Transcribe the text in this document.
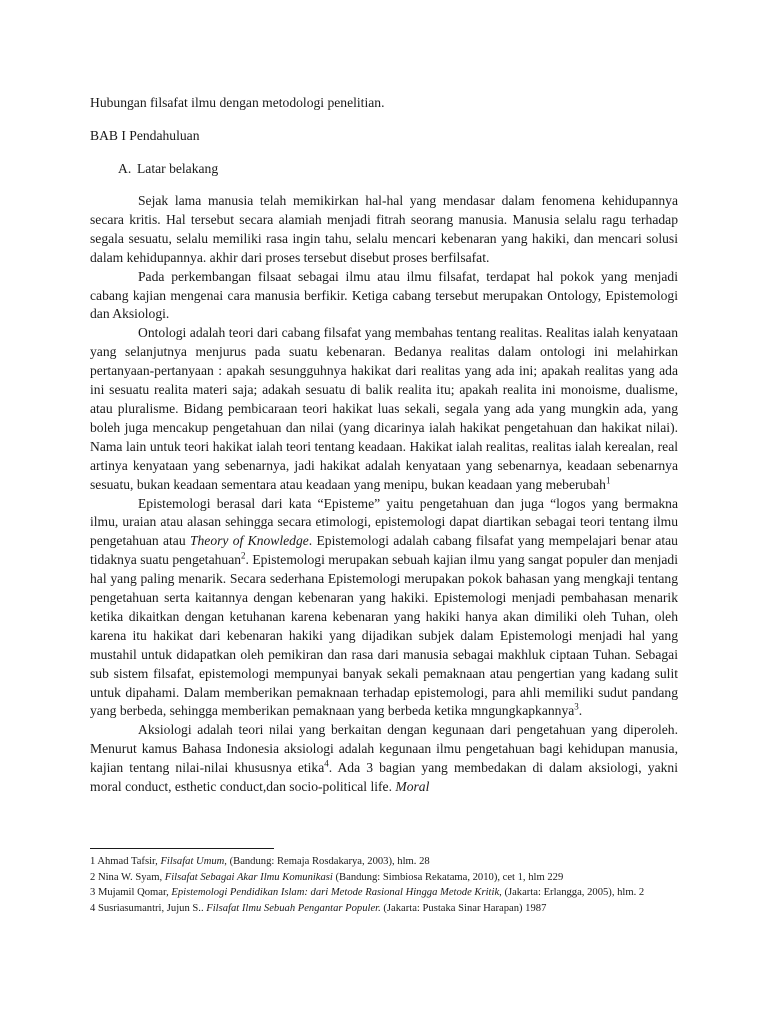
Hubungan filsafat ilmu dengan metodologi penelitian.
BAB I Pendahuluan
A. Latar belakang

Sejak lama manusia telah memikirkan hal-hal yang mendasar dalam fenomena kehidupannya secara kritis. Hal tersebut secara alamiah menjadi fitrah seorang manusia. Manusia selalu ragu terhadap segala sesuatu, selalu memiliki rasa ingin tahu, selalu mencari kebenaran yang hakiki, dan mencari solusi dalam kehidupannya. akhir dari proses tersebut disebut proses berfilsafat.

Pada perkembangan filsaat sebagai ilmu atau ilmu filsafat, terdapat hal pokok yang menjadi cabang kajian mengenai cara manusia berfikir. Ketiga cabang tersebut merupakan Ontology, Epistemologi dan Aksiologi.

Ontologi adalah teori dari cabang filsafat yang membahas tentang realitas. Realitas ialah kenyataan yang selanjutnya menjurus pada suatu kebenaran. Bedanya realitas dalam ontologi ini melahirkan pertanyaan-pertanyaan : apakah sesungguhnya hakikat dari realitas yang ada ini; apakah realitas yang ada ini sesuatu realita materi saja; adakah sesuatu di balik realita itu; apakah realita ini monoisme, dualisme, atau pluralisme. Bidang pembicaraan teori hakikat luas sekali, segala yang ada yang mungkin ada, yang boleh juga mencakup pengetahuan dan nilai (yang dicarinya ialah hakikat pengetahuan dan hakikat nilai). Nama lain untuk teori hakikat ialah teori tentang keadaan. Hakikat ialah realitas, realitas ialah kerealan, real artinya kenyataan yang sebenarnya, jadi hakikat adalah kenyataan yang sebenarnya, keadaan sebenarnya sesuatu, bukan keadaan sementara atau keadaan yang menipu, bukan keadaan yang meberubah$^1$

Epistemologi berasal dari kata “Episteme” yaitu pengetahuan dan juga “logos yang bermakna ilmu, uraian atau alasan sehingga secara etimologi, epistemologi dapat diartikan sebagai teori tentang ilmu pengetahuan atau Theory of Knowledge. Epistemologi adalah cabang filsafat yang mempelajari benar atau tidaknya suatu pengetahuan$^2$. Epistemologi merupakan sebuah kajian ilmu yang sangat populer dan menjadi hal yang paling menarik. Secara sederhana Epistemologi merupakan pokok bahasan yang mengkaji tentang pengetahuan serta kaitannya dengan kebenaran yang hakiki. Epistemologi menjadi pembahasan menarik ketika dikaitkan dengan ketuhanan karena kebenaran yang hakiki hanya akan dimiliki oleh Tuhan, oleh karena itu hakikat dari kebenaran hakiki yang dijadikan subjek dalam Epistemologi menjadi hal yang mustahil untuk didapatkan oleh pemikiran dan rasa dari manusia sebagai makhluk ciptaan Tuhan. Sebagai sub sistem filsafat, epistemologi mempunyai banyak sekali pemaknaan atau pengertian yang kadang sulit untuk dipahami. Dalam memberikan pemaknaan terhadap epistemologi, para ahli memiliki sudut pandang yang berbeda, sehingga memberikan pemaknaan yang berbeda ketika mngungkapkannya$^3$.

Aksiologi adalah teori nilai yang berkaitan dengan kegunaan dari pengetahuan yang diperoleh. Menurut kamus Bahasa Indonesia aksiologi adalah kegunaan ilmu pengetahuan bagi kehidupan manusia, kajian tentang nilai-nilai khususnya etika$^4$. Ada 3 bagian yang membedakan di dalam aksiologi, yakni moral conduct, esthetic conduct,dan socio-political life. Moral

1 Ahmad Tafsir, Filsafat Umum, (Bandung: Remaja Rosdakarya, 2003), hlm. 28

2 Nina W. Syam, Filsafat Sebagai Akar Ilmu Komunikasi (Bandung: Simbiosa Rekatama, 2010), cet 1, hlm 229

3 Mujamil Qomar, Epistemologi Pendidikan Islam: dari Metode Rasional Hingga Metode Kritik, (Jakarta: Erlangga, 2005), hlm. 2

4 Susriasumantri, Jujun S.. Filsafat Ilmu Sebuah Pengantar Populer. (Jakarta: Pustaka Sinar Harapan) 1987
